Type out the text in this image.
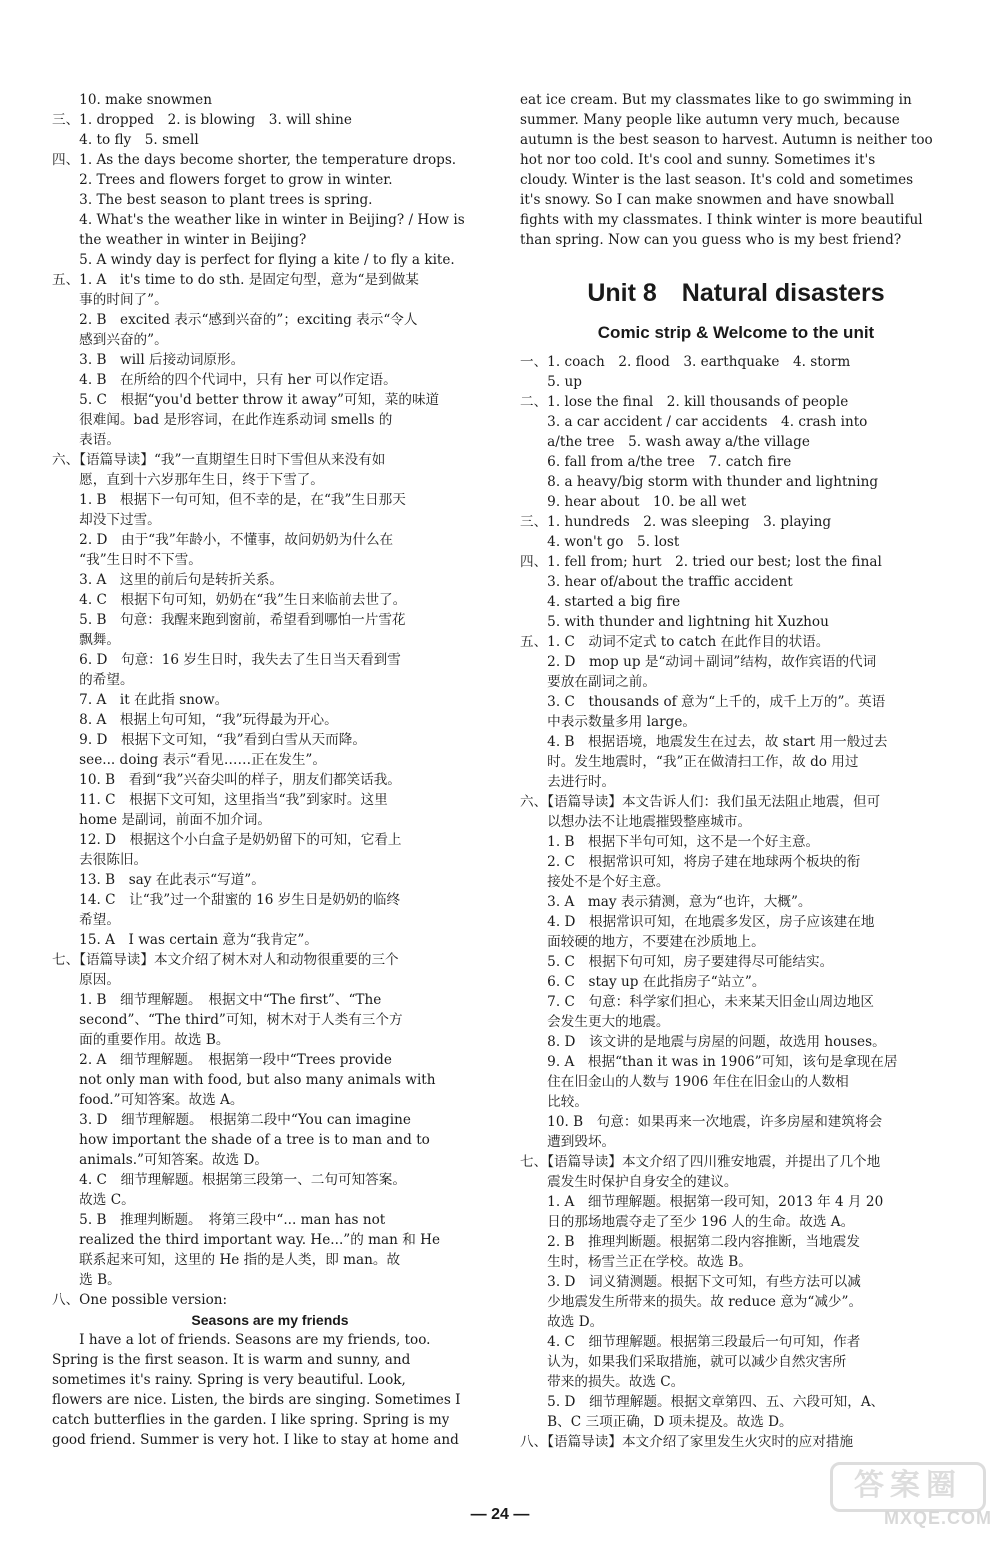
　　10. make snowmen
三、1. dropped　2. is blowing　3. will shine
　　4. to fly　5. smell
四、1. As the days become shorter, the temperature drops.
　　2. Trees and flowers forget to grow in winter.
　　3. The best season to plant trees is spring.
　　4. What's the weather like in winter in Beijing? / How is
　　the weather in winter in Beijing?
　　5. A windy day is perfect for flying a kite / to fly a kite.
五、1. A　it's time to do sth. 是固定句型，意为“是到做某
　　事的时间了”。
　　2. B　excited 表示“感到兴奋的”；exciting 表示“令人
　　感到兴奋的”。
　　3. B　will 后接动词原形。
　　4. B　在所给的四个代词中，只有 her 可以作定语。
　　5. C　根据“you'd better throw it away”可知，菜的味道
　　很难闻。bad 是形容词，在此作连系动词 smells 的
　　表语。
六、【语篇导读】“我”一直期望生日时下雪但从来没有如
　　愿，直到十六岁那年生日，终于下雪了。
　　1. B　根据下一句可知，但不幸的是，在“我”生日那天
　　却没下过雪。
　　2. D　由于“我”年龄小，不懂事，故问奶奶为什么在
　　“我”生日时不下雪。
　　3. A　这里的前后句是转折关系。
　　4. C　根据下句可知，奶奶在“我”生日来临前去世了。
　　5. B　句意：我醒来跑到窗前，希望看到哪怕一片雪花
　　飘舞。
　　6. D　句意：16 岁生日时，我失去了生日当天看到雪
　　的希望。
　　7. A　it 在此指 snow。
　　8. A　根据上句可知，“我”玩得最为开心。
　　9. D　根据下文可知，“我”看到白雪从天而降。
　　see... doing 表示“看见……正在发生”。
　　10. B　看到“我”兴奋尖叫的样子，朋友们都笑话我。
　　11. C　根据下文可知，这里指当“我”到家时。这里
　　home 是副词，前面不加介词。
　　12. D　根据这个小白盒子是奶奶留下的可知，它看上
　　去很陈旧。
　　13. B　say 在此表示“写道”。
　　14. C　让“我”过一个甜蜜的 16 岁生日是奶奶的临终
　　希望。
　　15. A　I was certain 意为“我肯定”。
七、【语篇导读】本文介绍了树木对人和动物很重要的三个
　　原因。
　　1. B　细节理解题。　根据文中“The first”、“The
　　second”、“The third”可知，树木对于人类有三个方
　　面的重要作用。故选 B。
　　2. A　细节理解题。　根据第一段中“Trees provide
　　not only man with food, but also many animals with
　　food.”可知答案。故选 A。
　　3. D　细节理解题。　根据第二段中“You can imagine
　　how important the shade of a tree is to man and to
　　animals.”可知答案。故选 D。
　　4. C　细节理解题。根据第三段第一、二句可知答案。
　　故选 C。
　　5. B　推理判断题。　将第三段中“... man has not
　　realized the third important way. He...”的 man 和 He
　　联系起来可知，这里的 He 指的是人类，即 man。故
　　选 B。
八、One possible version:
Seasons are my friends
　　I have a lot of friends. Seasons are my friends, too.
Spring is the first season. It is warm and sunny, and
sometimes it's rainy. Spring is very beautiful. Look,
flowers are nice. Listen, the birds are singing. Sometimes I
catch butterflies in the garden. I like spring. Spring is my
good friend. Summer is very hot. I like to stay at home and
Unit 8　Natural disasters
Comic strip & Welcome to the unit
eat ice cream. But my classmates like to go swimming in
summer. Many people like autumn very much, because
autumn is the best season to harvest. Autumn is neither too
hot nor too cold. It's cool and sunny. Sometimes it's
cloudy. Winter is the last season. It's cold and sometimes
it's snowy. So I can make snowmen and have snowball
fights with my classmates. I think winter is more beautiful
than spring. Now can you guess who is my best friend?
一、1. coach　2. flood　3. earthquake　4. storm
　　5. up
二、1. lose the final　2. kill thousands of people
　　3. a car accident / car accidents　4. crash into
　　a/the tree　5. wash away a/the village
　　6. fall from a/the tree　7. catch fire
　　8. a heavy/big storm with thunder and lightning
　　9. hear about　10. be all wet
三、1. hundreds　2. was sleeping　3. playing
　　4. won't go　5. lost
四、1. fell from; hurt　2. tried our best; lost the final
　　3. hear of/about the traffic accident
　　4. started a big fire
　　5. with thunder and lightning hit Xuzhou
五、1. C　动词不定式 to catch 在此作目的状语。
　　2. D　mop up 是“动词＋副词”结构，故作宾语的代词
　　要放在副词之前。
　　3. C　thousands of 意为“上千的，成千上万的”。英语
　　中表示数量多用 large。
　　4. B　根据语境，地震发生在过去，故 start 用一般过去
　　时。发生地震时，“我”正在做清扫工作，故 do 用过
　　去进行时。
六、【语篇导读】本文告诉人们：我们虽无法阻止地震，但可
　　以想办法不让地震摧毁整座城市。
　　1. B　根据下半句可知，这不是一个好主意。
　　2. C　根据常识可知，将房子建在地球两个板块的衔
　　接处不是个好主意。
　　3. A　may 表示猜测，意为“也许，大概”。
　　4. D　根据常识可知，在地震多发区，房子应该建在地
　　面较硬的地方，不要建在沙质地上。
　　5. C　根据下句可知，房子要建得尽可能结实。
　　6. C　stay up 在此指房子“站立”。
　　7. C　句意：科学家们担心，未来某天旧金山周边地区
　　会发生更大的地震。
　　8. D　该文讲的是地震与房屋的问题，故选用 houses。
　　9. A　根据“than it was in 1906”可知，该句是拿现在居
　　住在旧金山的人数与 1906 年住在旧金山的人数相
　　比较。
　　10. B　句意：如果再来一次地震，许多房屋和建筑将会
　　遭到毁坏。
七、【语篇导读】本文介绍了四川雅安地震，并提出了几个地
　　震发生时保护自身安全的建议。
　　1. A　细节理解题。根据第一段可知，2013 年 4 月 20
　　日的那场地震夺走了至少 196 人的生命。故选 A。
　　2. B　推理判断题。根据第二段内容推断，当地震发
　　生时，杨雪兰正在学校。故选 B。
　　3. D　词义猜测题。根据下文可知，有些方法可以减
　　少地震发生所带来的损失。故 reduce 意为“减少”。
　　故选 D。
　　4. C　细节理解题。根据第三段最后一句可知，作者
　　认为，如果我们采取措施，就可以减少自然灾害所
　　带来的损失。故选 C。
　　5. D　细节理解题。根据文章第四、五、六段可知，A、
　　B、C 三项正确，D 项未提及。故选 D。
八、【语篇导读】本文介绍了家里发生火灾时的应对措施
— 24 —
答案圈
MXQE.COM
